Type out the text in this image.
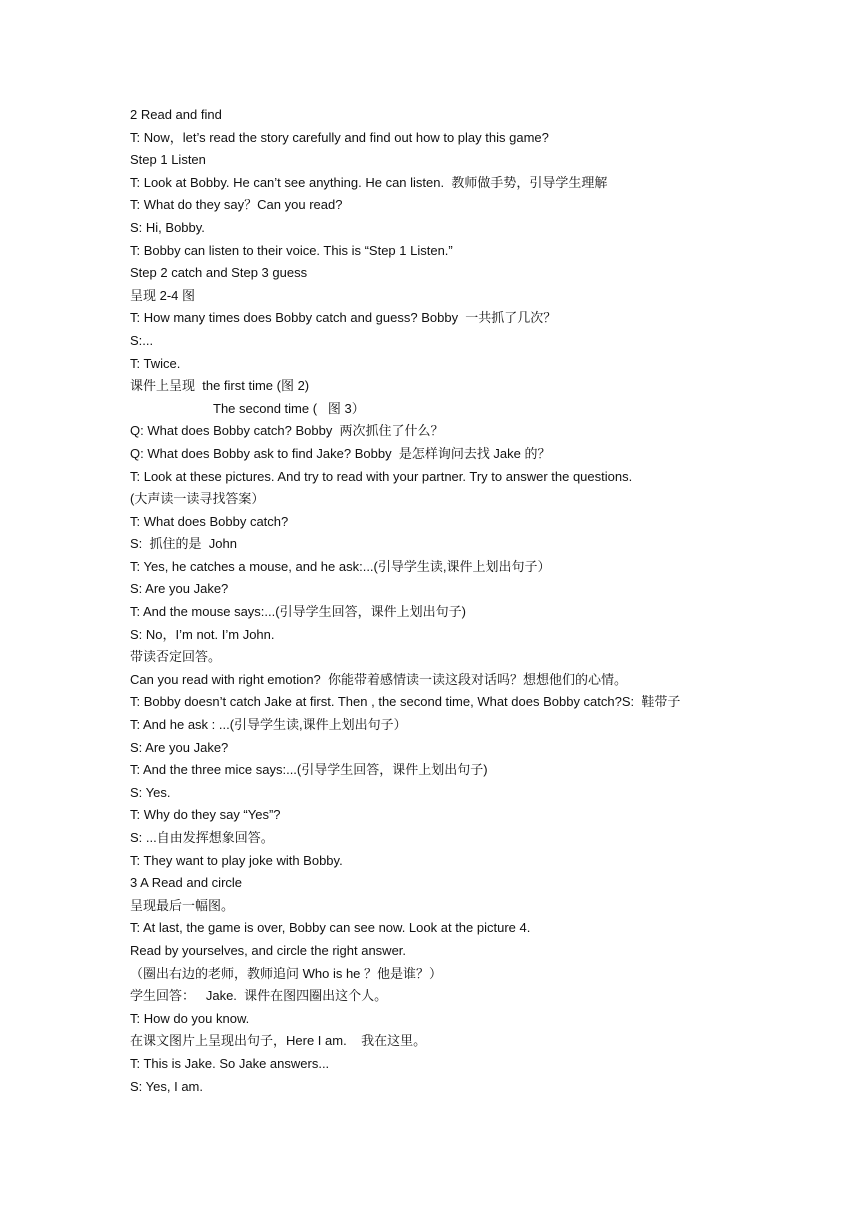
2 Read and find
T: Now，let’s read the story carefully and find out how to play this game?
Step 1 Listen
T: Look at Bobby. He can’t see anything. He can listen.  教师做手势，引导学生理解
T: What do they say？Can you read?
S: Hi, Bobby.
T: Bobby can listen to their voice. This is “Step 1 Listen.”
Step 2 catch and Step 3 guess
呈现 2-4 图
T: How many times does Bobby catch and guess? Bobby  一共抓了几次？
S:...
T: Twice.
课件上呈现  the first time (图 2)
The second time (   图 3）
Q: What does Bobby catch? Bobby  两次抓住了什么？
Q: What does Bobby ask to find Jake? Bobby  是怎样询问去找 Jake 的？
T: Look at these pictures. And try to read with your partner. Try to answer the questions.
(大声读一读寻找答案）
T: What does Bobby catch?
S:  抓住的是  John
T: Yes, he catches a mouse, and he ask:...(引导学生读,课件上划出句子）
S: Are you Jake?
T: And the mouse says:...(引导学生回答，课件上划出句子)
S: No，I’m not. I’m John.
带读否定回答。
Can you read with right emotion?  你能带着感情读一读这段对话吗？想想他们的心情。
T: Bobby doesn’t catch Jake at first. Then , the second time, What does Bobby catch?S:  鞋带子
T: And he ask : ...(引导学生读,课件上划出句子）
S: Are you Jake?
T: And the three mice says:...(引导学生回答，课件上划出句子)
S: Yes.
T: Why do they say “Yes”?
S: ...自由发挥想象回答。
T: They want to play joke with Bobby.
3 A Read and circle
呈现最后一幅图。
T: At last, the game is over, Bobby can see now. Look at the picture 4.
Read by yourselves, and circle the right answer.
（圈出右边的老师，教师追问 Who is he ？他是谁？）
学生回答：   Jake.  课件在图四圈出这个人。
T: How do you know.
在课文图片上呈现出句子，Here I am.    我在这里。
T: This is Jake. So Jake answers...
S: Yes, I am.
